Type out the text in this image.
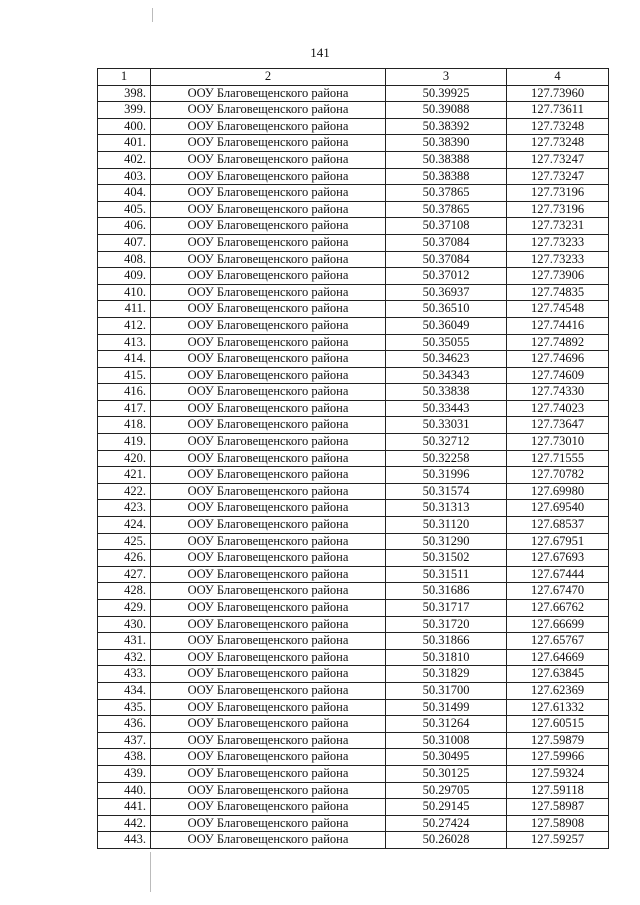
141
1	2	3	4
398.	ООУ Благовещенского района	50.39925	127.73960
399.	ООУ Благовещенского района	50.39088	127.73611
400.	ООУ Благовещенского района	50.38392	127.73248
401.	ООУ Благовещенского района	50.38390	127.73248
402.	ООУ Благовещенского района	50.38388	127.73247
403.	ООУ Благовещенского района	50.38388	127.73247
404.	ООУ Благовещенского района	50.37865	127.73196
405.	ООУ Благовещенского района	50.37865	127.73196
406.	ООУ Благовещенского района	50.37108	127.73231
407.	ООУ Благовещенского района	50.37084	127.73233
408.	ООУ Благовещенского района	50.37084	127.73233
409.	ООУ Благовещенского района	50.37012	127.73906
410.	ООУ Благовещенского района	50.36937	127.74835
411.	ООУ Благовещенского района	50.36510	127.74548
412.	ООУ Благовещенского района	50.36049	127.74416
413.	ООУ Благовещенского района	50.35055	127.74892
414.	ООУ Благовещенского района	50.34623	127.74696
415.	ООУ Благовещенского района	50.34343	127.74609
416.	ООУ Благовещенского района	50.33838	127.74330
417.	ООУ Благовещенского района	50.33443	127.74023
418.	ООУ Благовещенского района	50.33031	127.73647
419.	ООУ Благовещенского района	50.32712	127.73010
420.	ООУ Благовещенского района	50.32258	127.71555
421.	ООУ Благовещенского района	50.31996	127.70782
422.	ООУ Благовещенского района	50.31574	127.69980
423.	ООУ Благовещенского района	50.31313	127.69540
424.	ООУ Благовещенского района	50.31120	127.68537
425.	ООУ Благовещенского района	50.31290	127.67951
426.	ООУ Благовещенского района	50.31502	127.67693
427.	ООУ Благовещенского района	50.31511	127.67444
428.	ООУ Благовещенского района	50.31686	127.67470
429.	ООУ Благовещенского района	50.31717	127.66762
430.	ООУ Благовещенского района	50.31720	127.66699
431.	ООУ Благовещенского района	50.31866	127.65767
432.	ООУ Благовещенского района	50.31810	127.64669
433.	ООУ Благовещенского района	50.31829	127.63845
434.	ООУ Благовещенского района	50.31700	127.62369
435.	ООУ Благовещенского района	50.31499	127.61332
436.	ООУ Благовещенского района	50.31264	127.60515
437.	ООУ Благовещенского района	50.31008	127.59879
438.	ООУ Благовещенского района	50.30495	127.59966
439.	ООУ Благовещенского района	50.30125	127.59324
440.	ООУ Благовещенского района	50.29705	127.59118
441.	ООУ Благовещенского района	50.29145	127.58987
442.	ООУ Благовещенского района	50.27424	127.58908
443.	ООУ Благовещенского района	50.26028	127.59257
